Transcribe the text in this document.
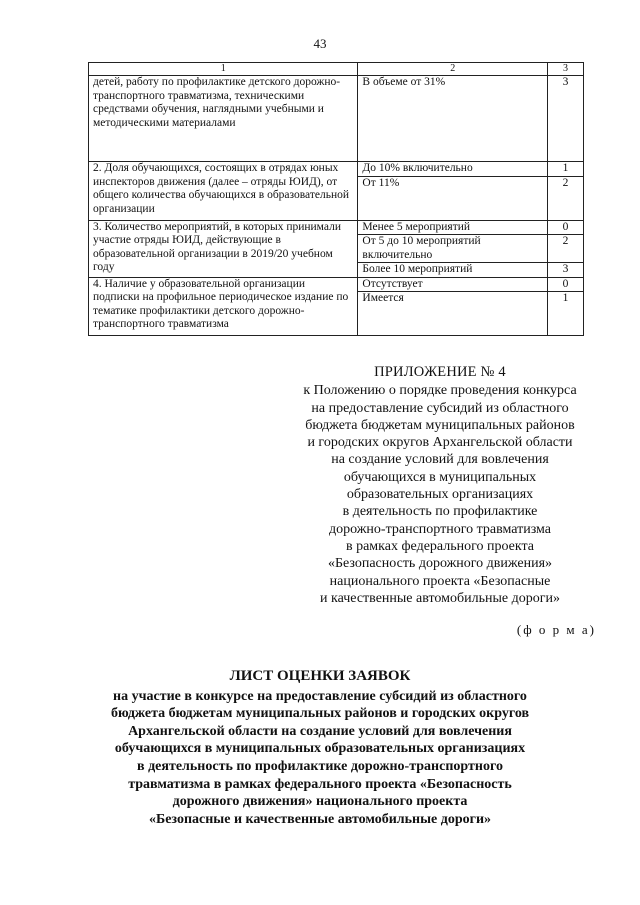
43
1	2	3
детей, работу по профилактике детского дорожно-транспортного травматизма, техническими средствами обучения, наглядными учебными и методическими материалами	В объеме от 31%	3
2. Доля обучающихся, состоящих в отрядах юных инспекторов движения (далее – отряды ЮИД), от общего количества обучающихся в образовательной организации	До 10% включительно	1
	От 11%	2
3. Количество мероприятий, в которых принимали участие отряды ЮИД, действующие в образовательной организации в 2019/20 учебном году	Менее 5 мероприятий	0
	От 5 до 10 мероприятий включительно	2
	Более 10 мероприятий	3
4. Наличие у образовательной организации подписки на профильное периодическое издание по тематике профилактики детского дорожно-транспортного травматизма	Отсутствует	0
	Имеется	1
ПРИЛОЖЕНИЕ № 4
к Положению о порядке проведения конкурса
на предоставление субсидий из областного
бюджета бюджетам муниципальных районов
и городских округов Архангельской области
на создание условий для вовлечения
обучающихся в муниципальных
образовательных организациях
в деятельность по профилактике
дорожно-транспортного травматизма
в рамках федерального проекта
«Безопасность дорожного движения»
национального проекта «Безопасные
и качественные автомобильные дороги»
(ф о р м а)
ЛИСТ ОЦЕНКИ ЗАЯВОК
на участие в конкурсе на предоставление субсидий из областного
бюджета бюджетам муниципальных районов и городских округов
Архангельской области на создание условий для вовлечения
обучающихся в муниципальных образовательных организациях
в деятельность по профилактике дорожно-транспортного
травматизма в рамках федерального проекта «Безопасность
дорожного движения» национального проекта
«Безопасные и качественные автомобильные дороги»
